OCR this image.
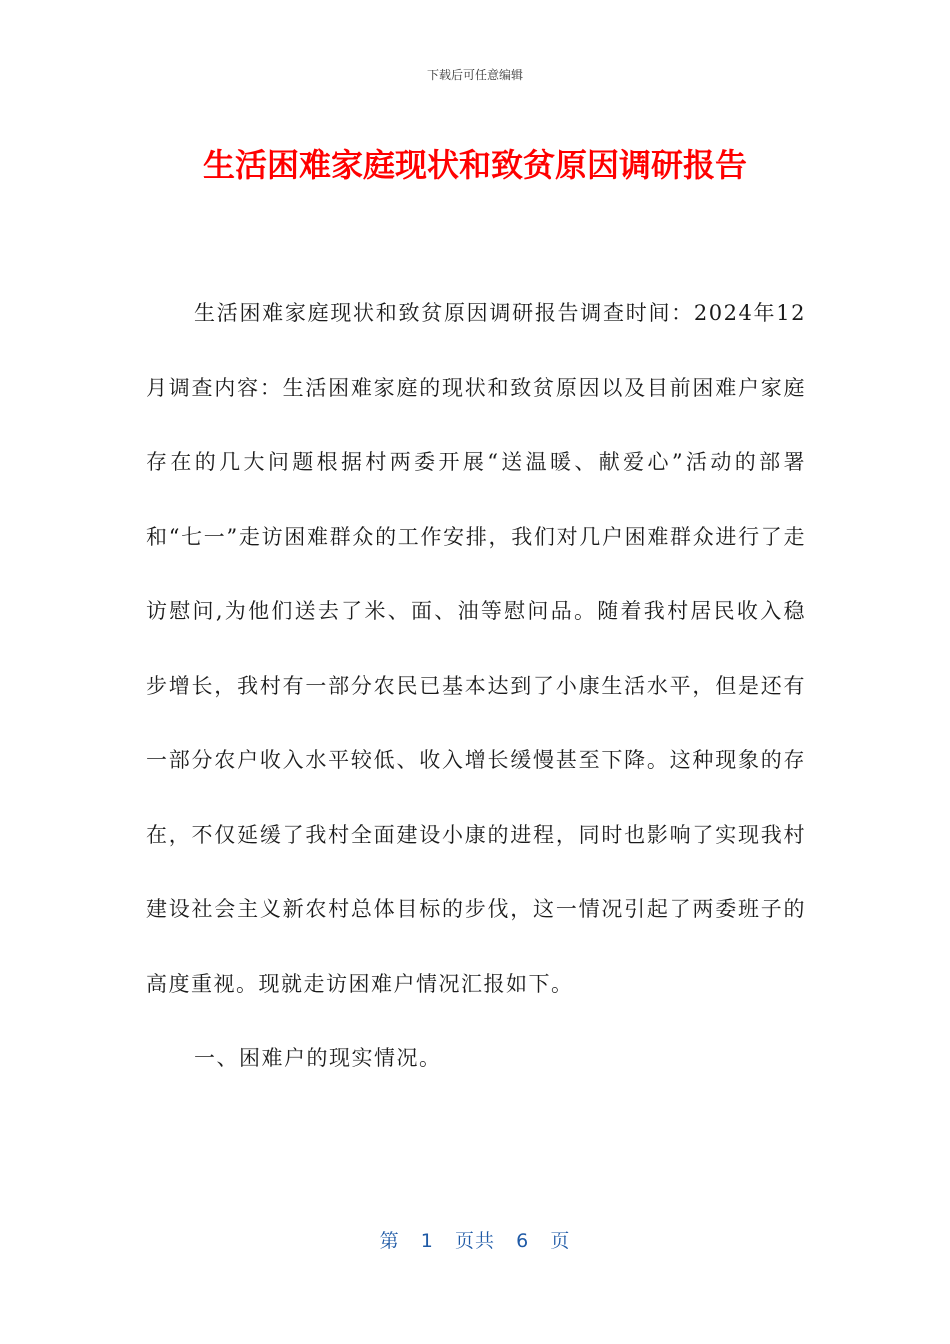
下载后可任意编辑
生活困难家庭现状和致贫原因调研报告

生活困难家庭现状和致贫原因调研报告调查时间：2024年12月调查内容：生活困难家庭的现状和致贫原因以及目前困难户家庭存在的几大问题根据村两委开展“送温暖、献爱心”活动的部署和“七一”走访困难群众的工作安排，我们对几户困难群众进行了走访慰问,为他们送去了米、面、油等慰问品。随着我村居民收入稳步增长，我村有一部分农民已基本达到了小康生活水平，但是还有一部分农户收入水平较低、收入增长缓慢甚至下降。这种现象的存在，不仅延缓了我村全面建设小康的进程，同时也影响了实现我村建设社会主义新农村总体目标的步伐，这一情况引起了两委班子的高度重视。现就走访困难户情况汇报如下。

一、困难户的现实情况。

第 1 页共 6 页
